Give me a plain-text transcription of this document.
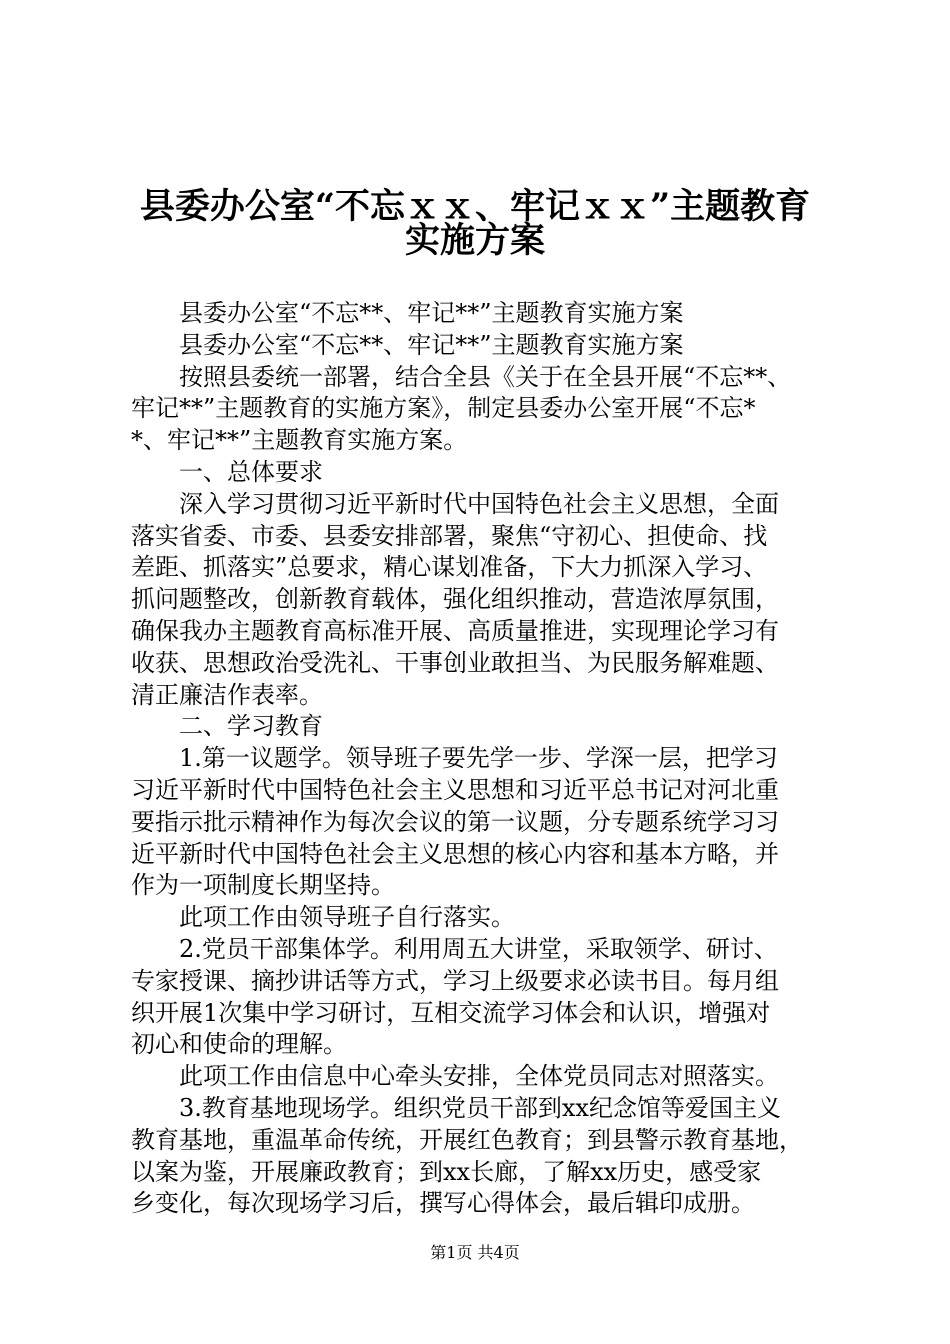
县委办公室“不忘ｘｘ、牢记ｘｘ”主题教育
实施方案

县委办公室“不忘**、牢记**”主题教育实施方案

县委办公室“不忘**、牢记**”主题教育实施方案

按照县委统一部署，结合全县《关于在全县开展“不忘**、

牢记**”主题教育的实施方案》，制定县委办公室开展“不忘*

*、牢记**”主题教育实施方案。

一、总体要求

深入学习贯彻习近平新时代中国特色社会主义思想，全面

落实省委、市委、县委安排部署，聚焦“守初心、担使命、找

差距、抓落实”总要求，精心谋划准备，下大力抓深入学习、

抓问题整改，创新教育载体，强化组织推动，营造浓厚氛围，

确保我办主题教育高标准开展、高质量推进，实现理论学习有

收获、思想政治受洗礼、干事创业敢担当、为民服务解难题、

清正廉洁作表率。

二、学习教育

1.第一议题学。领导班子要先学一步、学深一层，把学习

习近平新时代中国特色社会主义思想和习近平总书记对河北重

要指示批示精神作为每次会议的第一议题，分专题系统学习习

近平新时代中国特色社会主义思想的核心内容和基本方略，并

作为一项制度长期坚持。

此项工作由领导班子自行落实。

2.党员干部集体学。利用周五大讲堂，采取领学、研讨、

专家授课、摘抄讲话等方式，学习上级要求必读书目。每月组

织开展1次集中学习研讨，互相交流学习体会和认识，增强对

初心和使命的理解。

此项工作由信息中心牵头安排，全体党员同志对照落实。

3.教育基地现场学。组织党员干部到xx纪念馆等爱国主义

教育基地，重温革命传统，开展红色教育；到县警示教育基地，

以案为鉴，开展廉政教育；到xx长廊，了解xx历史，感受家

乡变化，每次现场学习后，撰写心得体会，最后辑印成册。

第1页 共4页
